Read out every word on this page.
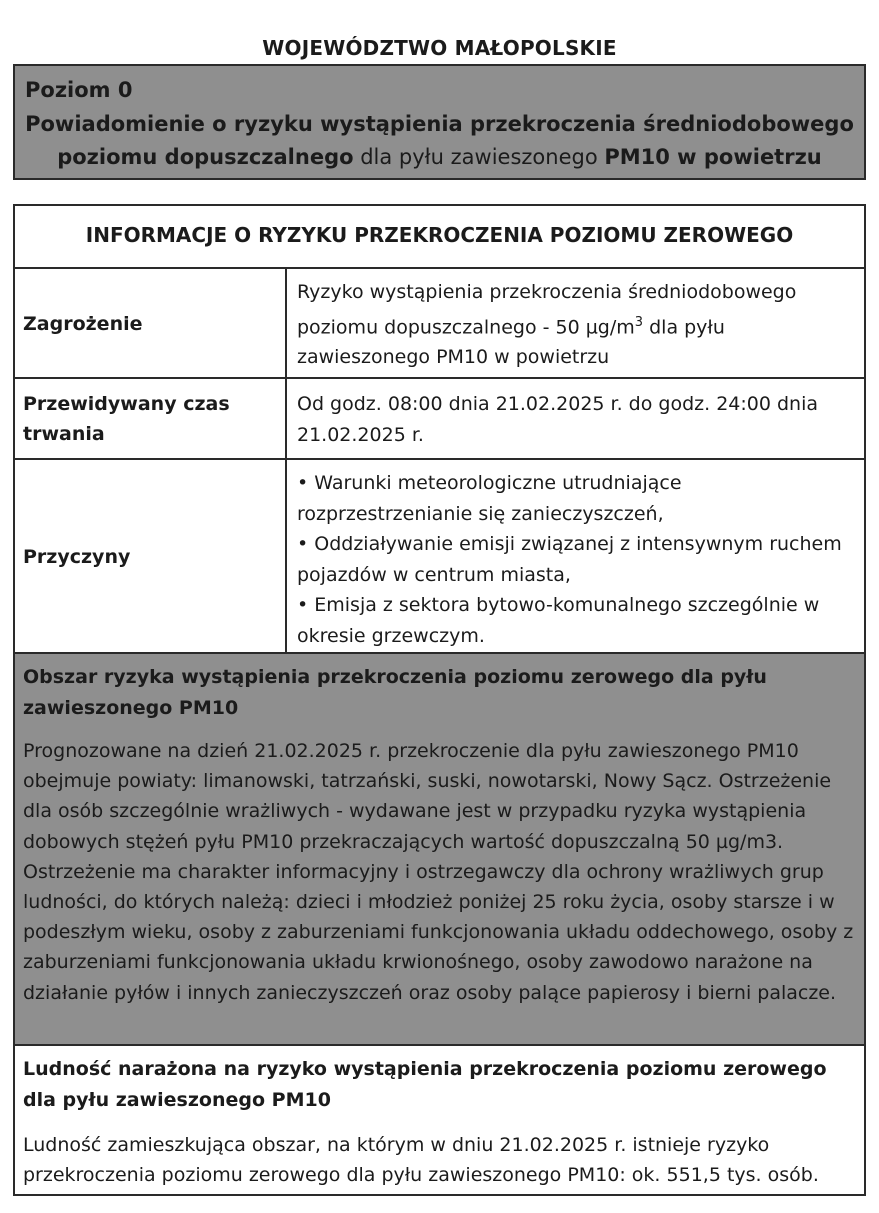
WOJEWÓDZTWO MAŁOPOLSKIE
Poziom 0
Powiadomienie o ryzyku wystąpienia przekroczenia średniodobowego
poziomu dopuszczalnego dla pyłu zawieszonego PM10 w powietrzu
INFORMACJE O RYZYKU PRZEKROCZENIA POZIOMU ZEROWEGO
Zagrożenie
Ryzyko wystąpienia przekroczenia średniodobowego poziomu dopuszczalnego - 50 $\mu g/m^3$ dla pyłu zawieszonego PM10 w powietrzu
Przewidywany czas trwania
Od godz. 08:00 dnia 21.02.2025 r. do godz. 24:00 dnia 21.02.2025 r.
Przyczyny
• Warunki meteorologiczne utrudniające rozprzestrzenianie się zanieczyszczeń,
• Oddziaływanie emisji związanej z intensywnym ruchem pojazdów w centrum miasta,
• Emisja z sektora bytowo-komunalnego szczególnie w okresie grzewczym.
Obszar ryzyka wystąpienia przekroczenia poziomu zerowego dla pyłu zawieszonego PM10
Prognozowane na dzień 21.02.2025 r. przekroczenie dla pyłu zawieszonego PM10 obejmuje powiaty: limanowski, tatrzański, suski, nowotarski, Nowy Sącz. Ostrzeżenie dla osób szczególnie wrażliwych - wydawane jest w przypadku ryzyka wystąpienia dobowych stężeń pyłu PM10 przekraczających wartość dopuszczalną 50 µg/m3. Ostrzeżenie ma charakter informacyjny i ostrzegawczy dla ochrony wrażliwych grup ludności, do których należą: dzieci i młodzież poniżej 25 roku życia, osoby starsze i w podeszłym wieku, osoby z zaburzeniami funkcjonowania układu oddechowego, osoby z zaburzeniami funkcjonowania układu krwionośnego, osoby zawodowo narażone na działanie pyłów i innych zanieczyszczeń oraz osoby palące papierosy i bierni palacze.
Ludność narażona na ryzyko wystąpienia przekroczenia poziomu zerowego dla pyłu zawieszonego PM10
Ludność zamieszkująca obszar, na którym w dniu 21.02.2025 r. istnieje ryzyko przekroczenia poziomu zerowego dla pyłu zawieszonego PM10: ok. 551,5 tys. osób.
